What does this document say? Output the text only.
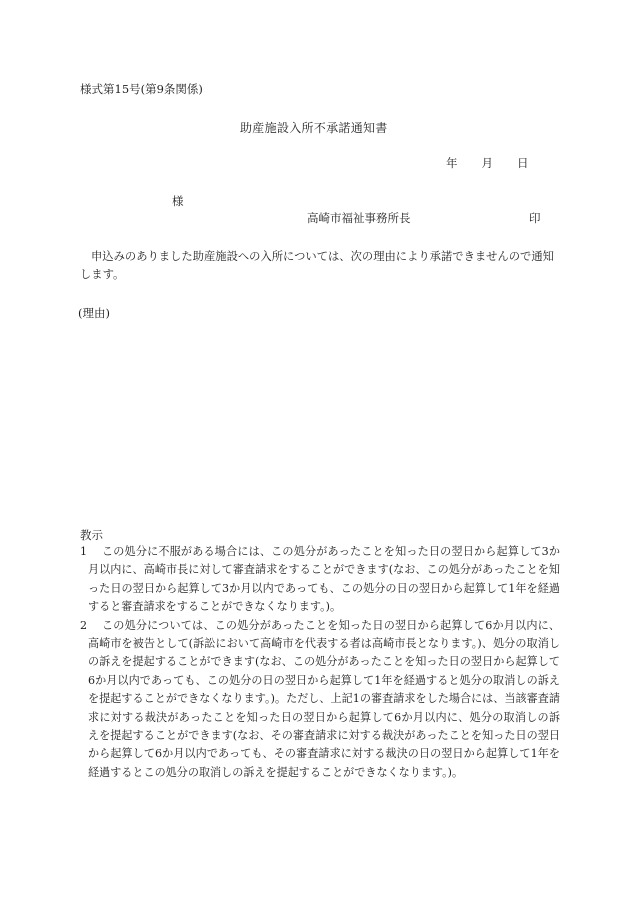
様式第15号(第9条関係)
助産施設入所不承諾通知書
年 月 日
様
高崎市福祉事務所長	印
申込みのありました助産施設への入所については、次の理由により承諾できませんので通知します。
(理由)
教示
1	この処分に不服がある場合には、この処分があったことを知った日の翌日から起算して3か月以内に、高崎市長に対して審査請求をすることができます(なお、この処分があったことを知った日の翌日から起算して3か月以内であっても、この処分の日の翌日から起算して1年を経過すると審査請求をすることができなくなります。)。
2	この処分については、この処分があったことを知った日の翌日から起算して6か月以内に、高崎市を被告として(訴訟において高崎市を代表する者は高崎市長となります。)、処分の取消しの訴えを提起することができます(なお、この処分があったことを知った日の翌日から起算して6か月以内であっても、この処分の日の翌日から起算して1年を経過すると処分の取消しの訴えを提起することができなくなります。)。ただし、上記1の審査請求をした場合には、当該審査請求に対する裁決があったことを知った日の翌日から起算して6か月以内に、処分の取消しの訴えを提起することができます(なお、その審査請求に対する裁決があったことを知った日の翌日から起算して6か月以内であっても、その審査請求に対する裁決の日の翌日から起算して1年を経過するとこの処分の取消しの訴えを提起することができなくなります。)。
